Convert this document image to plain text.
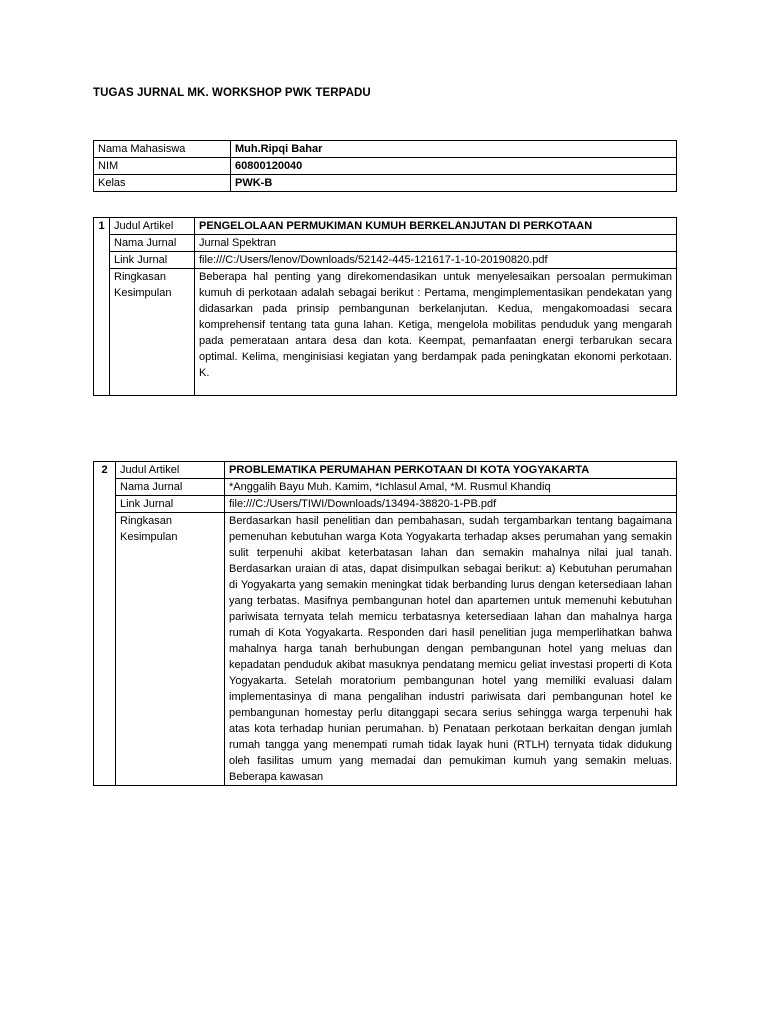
TUGAS JURNAL MK. WORKSHOP PWK TERPADU
Nama Mahasiswa	Muh.Ripqi Bahar
NIM	60800120040
Kelas	PWK-B
1	Judul Artikel	PENGELOLAAN PERMUKIMAN KUMUH BERKELANJUTAN DI PERKOTAAN
	Nama Jurnal	Jurnal Spektran
	Link Jurnal	file:///C:/Users/lenov/Downloads/52142-445-121617-1-10-20190820.pdf
	Ringkasan Kesimpulan	Beberapa hal penting yang direkomendasikan untuk menyelesaikan persoalan permukiman kumuh di perkotaan adalah sebagai berikut : Pertama, mengimplementasikan pendekatan yang didasarkan pada prinsip pembangunan berkelanjutan. Kedua, mengakomoadasi secara komprehensif tentang tata guna lahan. Ketiga, mengelola mobilitas penduduk yang mengarah pada pemerataan antara desa dan kota. Keempat, pemanfaatan energi terbarukan secara optimal. Kelima, menginisiasi kegiatan yang berdampak pada peningkatan ekonomi perkotaan. K.
2	Judul Artikel	PROBLEMATIKA PERUMAHAN PERKOTAAN DI KOTA YOGYAKARTA
	Nama Jurnal	*Anggalih Bayu Muh. Kamim, *Ichlasul Amal, *M. Rusmul Khandiq
	Link Jurnal	file:///C:/Users/TIWI/Downloads/13494-38820-1-PB.pdf
	Ringkasan Kesimpulan	Berdasarkan hasil penelitian dan pembahasan, sudah tergambarkan tentang bagaimana pemenuhan kebutuhan warga Kota Yogyakarta terhadap akses perumahan yang semakin sulit terpenuhi akibat keterbatasan lahan dan semakin mahalnya nilai jual tanah. Berdasarkan uraian di atas, dapat disimpulkan sebagai berikut: a) Kebutuhan perumahan di Yogyakarta yang semakin meningkat tidak berbanding lurus dengan ketersediaan lahan yang terbatas. Masifnya pembangunan hotel dan apartemen untuk memenuhi kebutuhan pariwisata ternyata telah memicu terbatasnya ketersediaan lahan dan mahalnya harga rumah di Kota Yogyakarta. Responden dari hasil penelitian juga memperlihatkan bahwa mahalnya harga tanah berhubungan dengan pembangunan hotel yang meluas dan kepadatan penduduk akibat masuknya pendatang memicu geliat investasi properti di Kota Yogyakarta. Setelah moratorium pembangunan hotel yang memiliki evaluasi dalam implementasinya di mana pengalihan industri pariwisata dari pembangunan hotel ke pembangunan homestay perlu ditanggapi secara serius sehingga warga terpenuhi hak atas kota terhadap hunian perumahan. b) Penataan perkotaan berkaitan dengan jumlah rumah tangga yang menempati rumah tidak layak huni (RTLH) ternyata tidak didukung oleh fasilitas umum yang memadai dan pemukiman kumuh yang semakin meluas. Beberapa kawasan
